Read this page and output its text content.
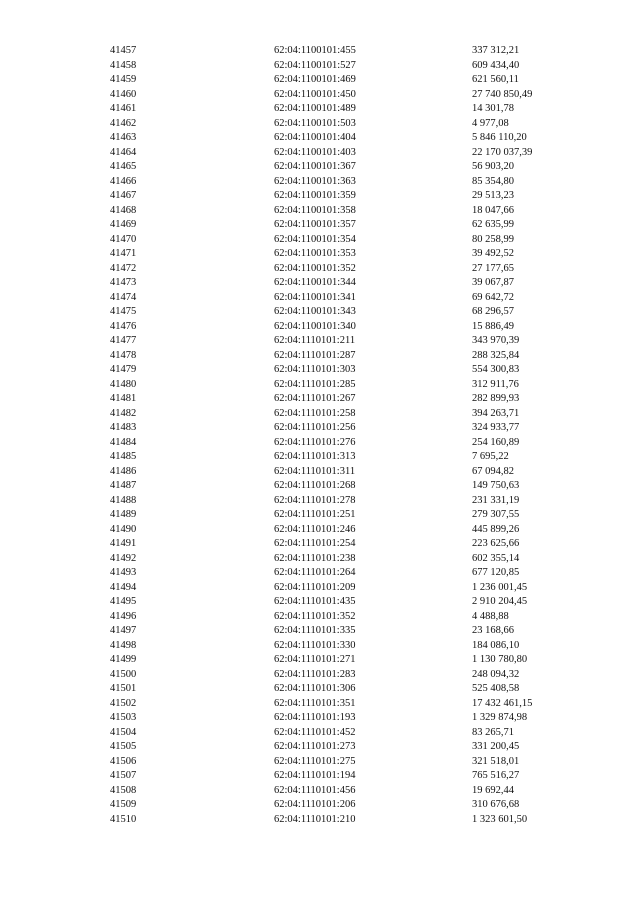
41457	62:04:1100101:455	337 312,21
41458	62:04:1100101:527	609 434,40
41459	62:04:1100101:469	621 560,11
41460	62:04:1100101:450	27 740 850,49
41461	62:04:1100101:489	14 301,78
41462	62:04:1100101:503	4 977,08
41463	62:04:1100101:404	5 846 110,20
41464	62:04:1100101:403	22 170 037,39
41465	62:04:1100101:367	56 903,20
41466	62:04:1100101:363	85 354,80
41467	62:04:1100101:359	29 513,23
41468	62:04:1100101:358	18 047,66
41469	62:04:1100101:357	62 635,99
41470	62:04:1100101:354	80 258,99
41471	62:04:1100101:353	39 492,52
41472	62:04:1100101:352	27 177,65
41473	62:04:1100101:344	39 067,87
41474	62:04:1100101:341	69 642,72
41475	62:04:1100101:343	68 296,57
41476	62:04:1100101:340	15 886,49
41477	62:04:1110101:211	343 970,39
41478	62:04:1110101:287	288 325,84
41479	62:04:1110101:303	554 300,83
41480	62:04:1110101:285	312 911,76
41481	62:04:1110101:267	282 899,93
41482	62:04:1110101:258	394 263,71
41483	62:04:1110101:256	324 933,77
41484	62:04:1110101:276	254 160,89
41485	62:04:1110101:313	7 695,22
41486	62:04:1110101:311	67 094,82
41487	62:04:1110101:268	149 750,63
41488	62:04:1110101:278	231 331,19
41489	62:04:1110101:251	279 307,55
41490	62:04:1110101:246	445 899,26
41491	62:04:1110101:254	223 625,66
41492	62:04:1110101:238	602 355,14
41493	62:04:1110101:264	677 120,85
41494	62:04:1110101:209	1 236 001,45
41495	62:04:1110101:435	2 910 204,45
41496	62:04:1110101:352	4 488,88
41497	62:04:1110101:335	23 168,66
41498	62:04:1110101:330	184 086,10
41499	62:04:1110101:271	1 130 780,80
41500	62:04:1110101:283	248 094,32
41501	62:04:1110101:306	525 408,58
41502	62:04:1110101:351	17 432 461,15
41503	62:04:1110101:193	1 329 874,98
41504	62:04:1110101:452	83 265,71
41505	62:04:1110101:273	331 200,45
41506	62:04:1110101:275	321 518,01
41507	62:04:1110101:194	765 516,27
41508	62:04:1110101:456	19 692,44
41509	62:04:1110101:206	310 676,68
41510	62:04:1110101:210	1 323 601,50
